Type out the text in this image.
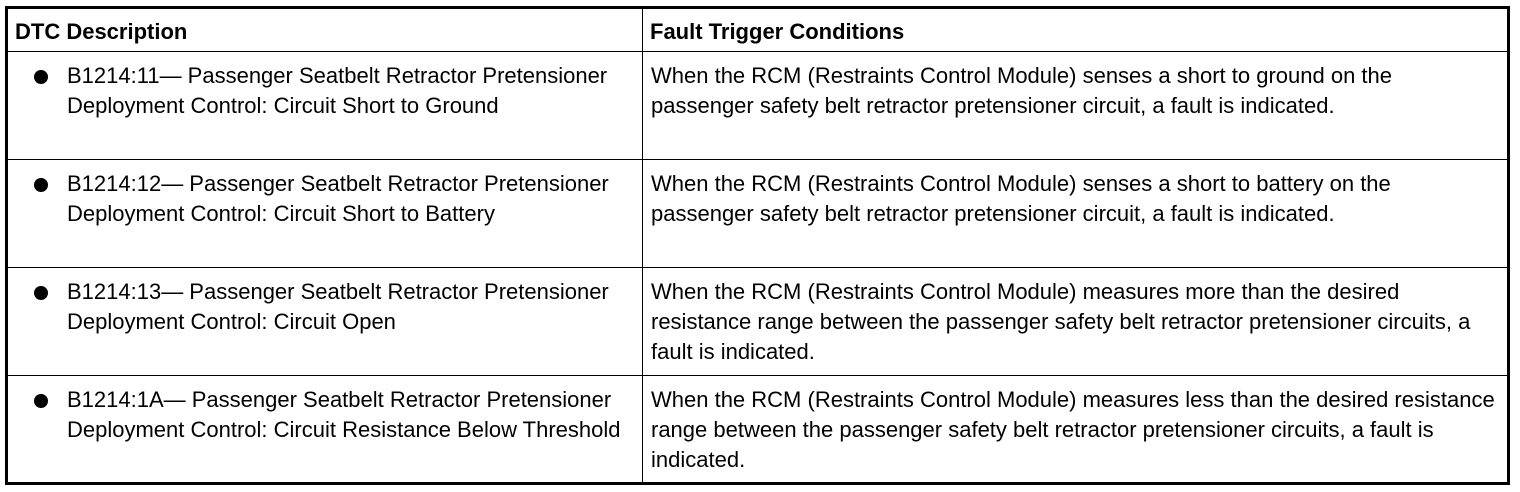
DTC Description	Fault Trigger Conditions

B1214:11— Passenger Seatbelt Retractor Pretensioner Deployment Control: Circuit Short to Ground	When the RCM (Restraints Control Module) senses a short to ground on the passenger safety belt retractor pretensioner circuit, a fault is indicated.

B1214:12— Passenger Seatbelt Retractor Pretensioner Deployment Control: Circuit Short to Battery	When the RCM (Restraints Control Module) senses a short to battery on the passenger safety belt retractor pretensioner circuit, a fault is indicated.

B1214:13— Passenger Seatbelt Retractor Pretensioner Deployment Control: Circuit Open	When the RCM (Restraints Control Module) measures more than the desired resistance range between the passenger safety belt retractor pretensioner circuits, a fault is indicated.

B1214:1A— Passenger Seatbelt Retractor Pretensioner Deployment Control: Circuit Resistance Below Threshold	When the RCM (Restraints Control Module) measures less than the desired resistance range between the passenger safety belt retractor pretensioner circuits, a fault is indicated.
